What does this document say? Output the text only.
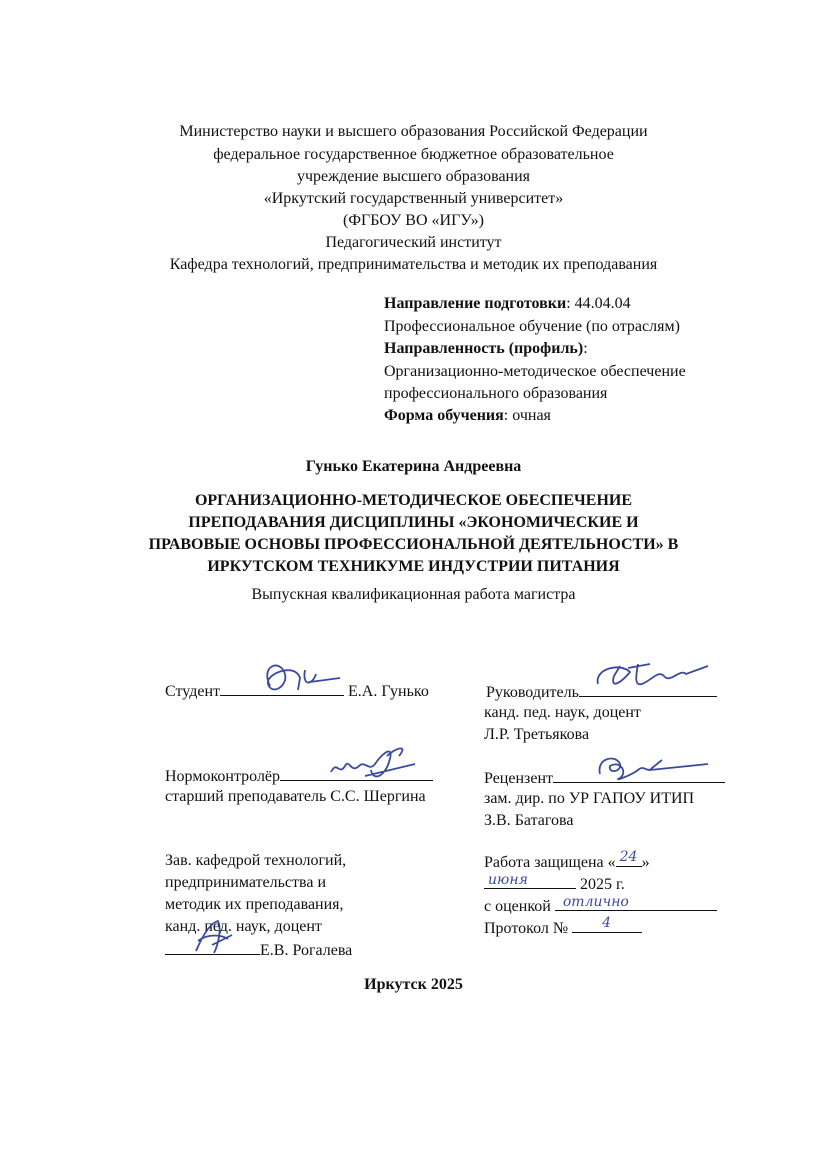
Министерство науки и высшего образования Российской Федерации
федеральное государственное бюджетное образовательное
учреждение высшего образования
«Иркутский государственный университет»
(ФГБОУ ВО «ИГУ»)
Педагогический институт
Кафедра технологий, предпринимательства и методик их преподавания
Направление подготовки: 44.04.04
Профессиональное обучение (по отраслям)
Направленность (профиль):
Организационно-методическое обеспечение
профессионального образования
Форма обучения: очная
Гунько Екатерина Андреевна
ОРГАНИЗАЦИОННО-МЕТОДИЧЕСКОЕ ОБЕСПЕЧЕНИЕ
ПРЕПОДАВАНИЯ ДИСЦИПЛИНЫ «ЭКОНОМИЧЕСКИЕ И
ПРАВОВЫЕ ОСНОВЫ ПРОФЕССИОНАЛЬНОЙ ДЕЯТЕЛЬНОСТИ» В
ИРКУТСКОМ ТЕХНИКУМЕ ИНДУСТРИИ ПИТАНИЯ
Выпускная квалификационная работа магистра
Студент	Е.А. Гунько	Руководитель
канд. пед. наук, доцент
Л.Р. Третьякова
Нормоконтролёр
старший преподаватель С.С. Шергина
Рецензент
зам. дир. по УР ГАПОУ ИТИП
З.В. Батагова
Зав. кафедрой технологий,
предпринимательства и
методик их преподавания,
канд. пед. наук, доцент
Е.В. Рогалева
Работа защищена « 24 »
июня	2025 г.
с оценкой отлично
Протокол № 4
Иркутск 2025
